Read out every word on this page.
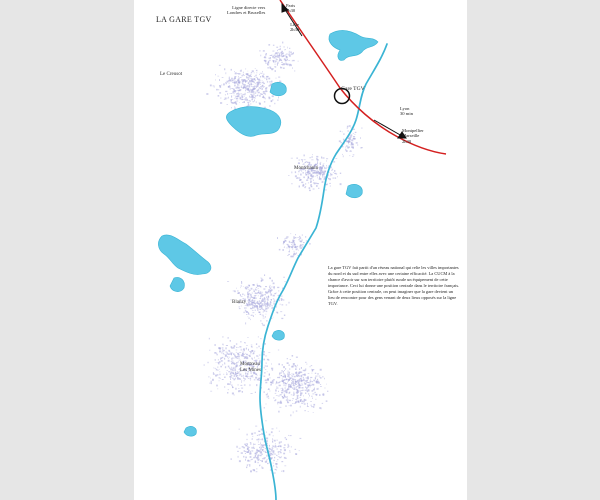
LA GARE TGV
Gare TGV
Le Creusot
Montchanin
Blanzy
Montceau
Les Mines
Ligne directe vers
Londres et Bruxelles
Paris
1h30
Lille
2h30
Lyon
30 min
Montpellier
Marseille
2h30

La gare TGV fait partit d'un réseau national qui relie les villes importantes du nord et du sud entre elles avec une certaine efficacité. La CUCM à la chance d'avoir sur son territoire plutôt rurale un équipement de cette importance. Ceci lui donne une position centrale dans le territoire français.

Grâce à cette position centrale, on peut imaginer que la gare devient un lieu de rencontre pour des gens venant de deux lieux opposés sur la ligne TGV.
